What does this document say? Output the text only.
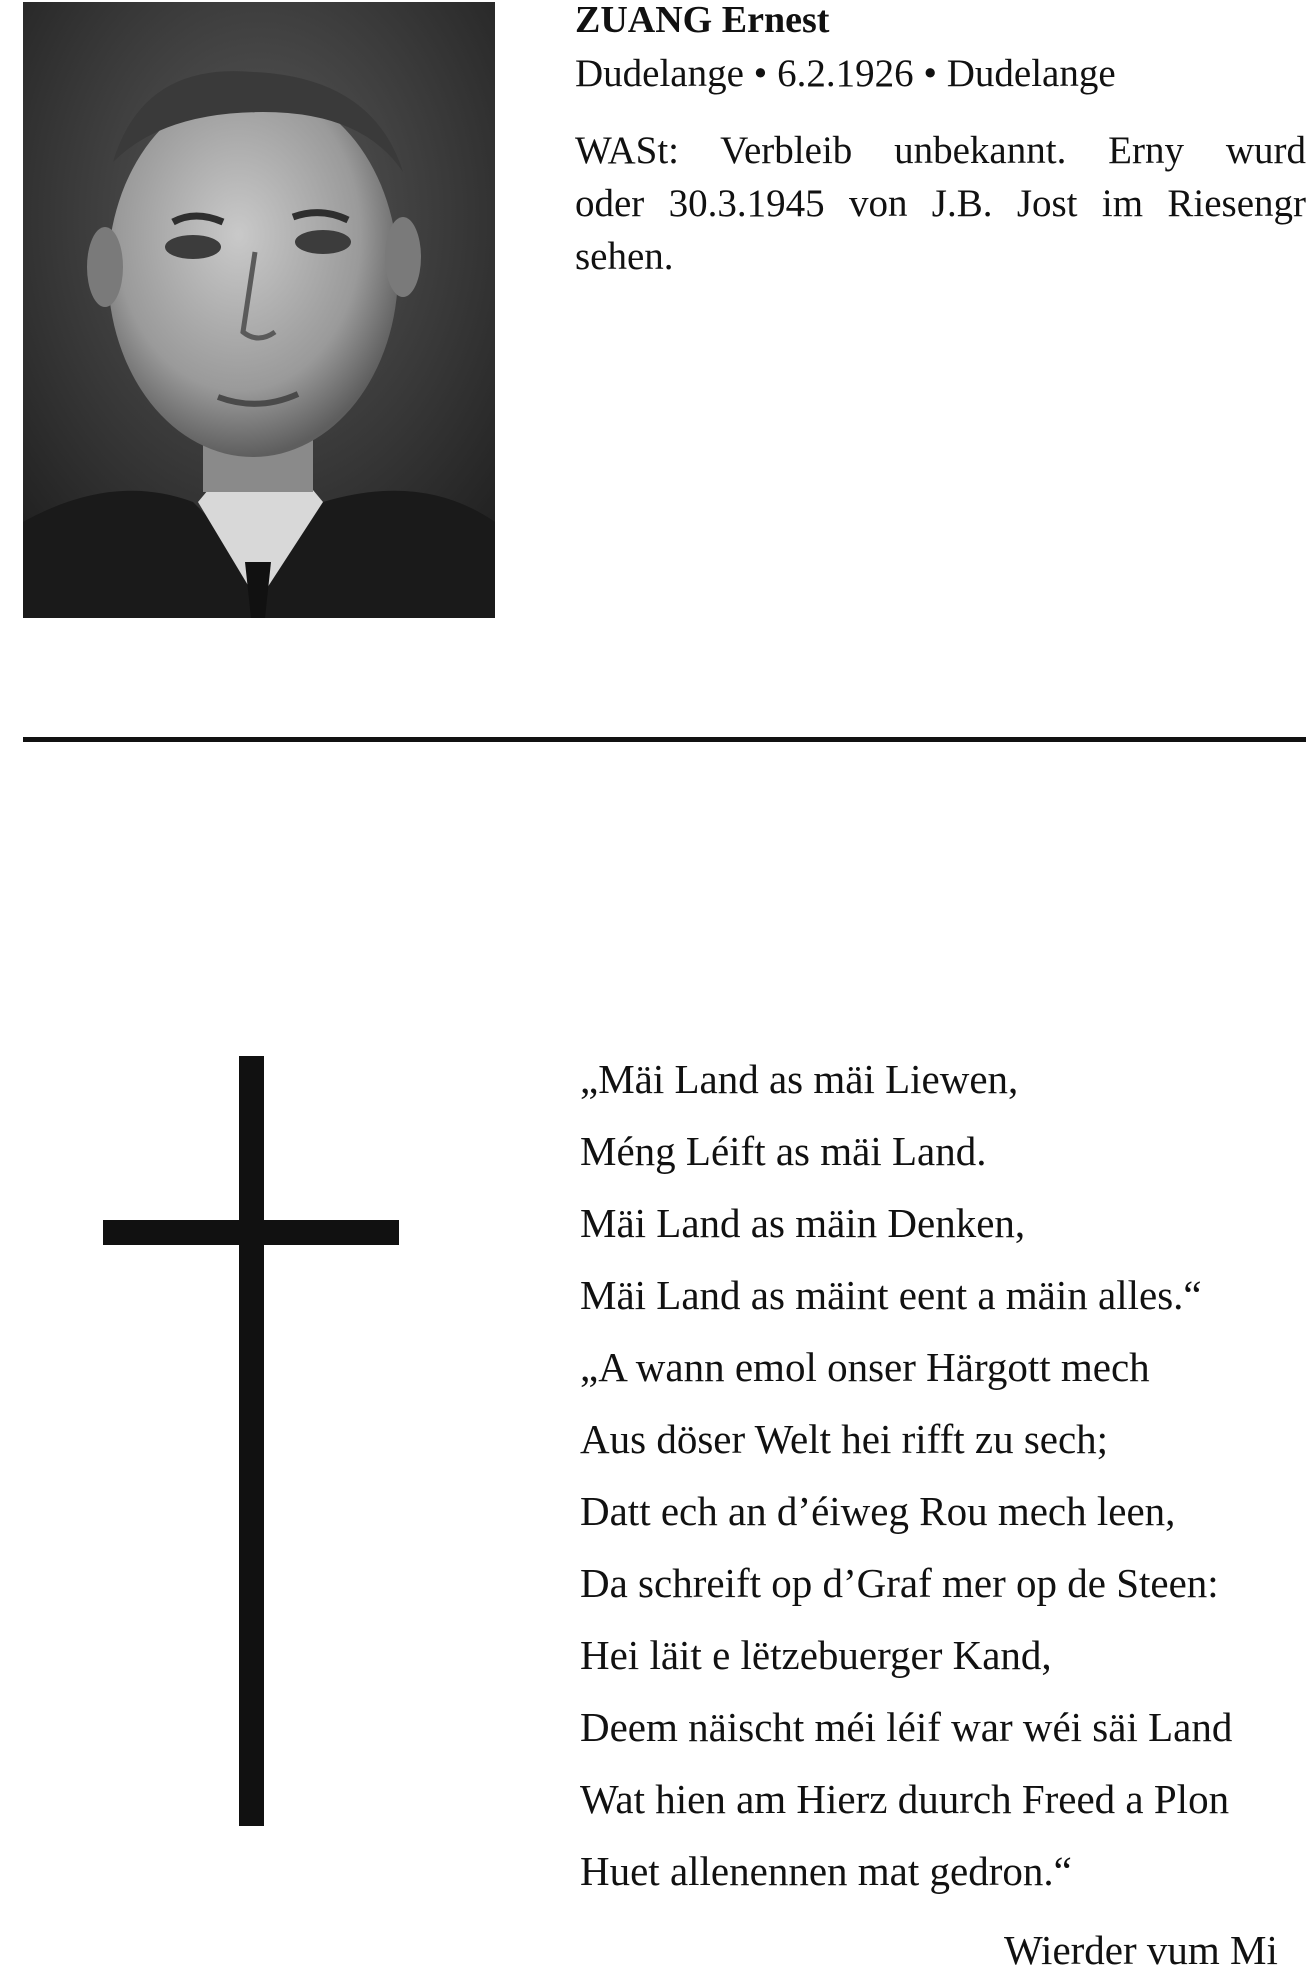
ZUANG Ernest
Dudelange • 6.2.1926 • Dudelange
WASt: Verbleib unbekannt. Erny wurd
oder 30.3.1945 von J.B. Jost im Riesengr
sehen.
„Mäi Land as mäi Liewen,
Méng Léift as mäi Land.
Mäi Land as mäin Denken,
Mäi Land as mäint eent a mäin alles.“
„A wann emol onser Härgott mech
Aus döser Welt hei rifft zu sech;
Datt ech an d’éiweg Rou mech leen,
Da schreift op d’Graf mer op de Steen:
Hei läit e lëtzebuerger Kand,
Deem näischt méi léif war wéi säi Land
Wat hien am Hierz duurch Freed a Plon
Huet allenennen mat gedron.“
Wierder vum Mi
